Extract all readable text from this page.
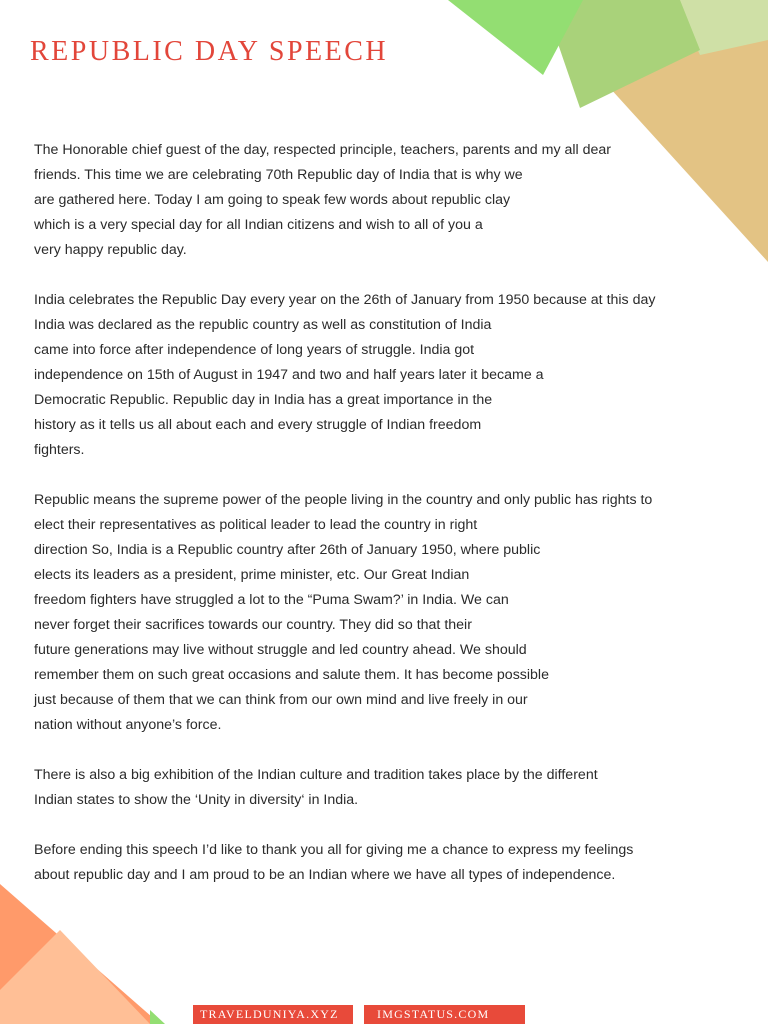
REPUBLIC DAY SPEECH
The Honorable chief guest of the day, respected principle, teachers, parents and my all dear
friends. This time we are celebrating 70th Republic day of India that is why we
are gathered here. Today I am going to speak few words about republic clay
which is a very special day for all Indian citizens and wish to all of you a
very happy republic day.
India celebrates the Republic Day every year on the 26th of January from 1950 because at this day
India was declared as the republic country as well as constitution of India
came into force after independence of long years of struggle. India got
independence on 15th of August in 1947 and two and half years later it became a
Democratic Republic. Republic day in India has a great importance in the
history as it tells us all about each and every struggle of Indian freedom
fighters.
Republic means the supreme power of the people living in the country and only public has rights to
elect their representatives as political leader to lead the country in right
direction So, India is a Republic country after 26th of January 1950, where public
elects its leaders as a president, prime minister, etc. Our Great Indian
freedom fighters have struggled a lot to the “Puma Swam?’ in India. We can
never forget their sacrifices towards our country. They did so that their
future generations may live without struggle and led country ahead. We should
remember them on such great occasions and salute them. It has become possible
just because of them that we can think from our own mind and live freely in our
nation without anyone’s force.
There is also a big exhibition of the Indian culture and tradition takes place by the different
Indian states to show the ‘Unity in diversity‘ in India.
Before ending this speech I’d like to thank you all for giving me a chance to express my feelings
about republic day and I am proud to be an Indian where we have all types of independence.
TRAVELDUNIYA.XYZ	IMGSTATUS.COM
